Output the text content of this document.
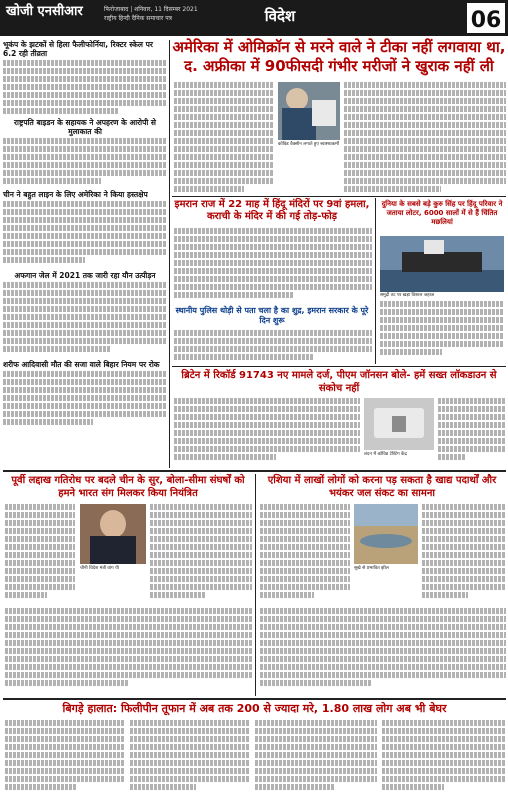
खोजी एनसीआर	फिरोजाबाद | शनिवार, 11 दिसम्बर 2021
राष्ट्रीय हिन्दी दैनिक समाचार पत्र	विदेश	06
भूकंप के झटकों से हिला फैलीफोर्निया, रिक्टर स्केल पर 6.2 रही तीव्रता
राष्ट्रपति बाइडन के सहायक ने अपहरण के आरोपी से मुलाकात की
चीन ने बहुत लाइन के लिए अमेरिका ने किया हस्तक्षेप
अफगान जेल में 2021 तक जारी रहा यौन उत्पीड़न
शरीफ आदिवासी मौत की सजा वाले बिहार नियम पर रोक
अमेरिका में ओमिक्रॉन से मरने वाले ने टीका नहीं लगवाया था, द. अफ्रीका में 90फीसदी गंभीर मरीजों ने खुराक नहीं ली
कोविड वैक्सीन लगाते हुए स्वास्थ्यकर्मी
इमरान राज में 22 माह में हिंदू मंदिरों पर 9वां हमला, कराची के मंदिर में की गई तोड़-फोड़
स्थानीय पुलिस थोड़ी से पता चला है का शुद्र, इमरान सरकार के पूरे दिन शुरू
दुनिया के सबसे बड़े कुरु सिंह पर हिंदू परिवार ने जताया लोटर, 6000 सालों में से हैं चिंतित मछलियां
समुद्री तट पर खड़ा विशाल जहाज
ब्रिटेन में रिकॉर्ड 91743 नए मामले दर्ज, पीएम जॉनसन बोले- हमें सख्त लॉकडाउन से संकोच नहीं
लंदन में कोविड टेस्टिंग केंद्र
पूर्वी लद्दाख गतिरोध पर बदले चीन के सुर, बोला-सीमा संघर्षों को हमने भारत संग मिलकर किया नियंत्रित
चीनी विदेश मंत्री वांग यी
एशिया में लाखों लोगों को करना पड़ सकता है खाद्य पदार्थों और भयंकर जल संकट का सामना
सूखे से प्रभावित झील
बिगड़े हालात: फिलीपीन तूफान में अब तक 200 से ज्यादा मरे, 1.80 लाख लोग अब भी बेघर
